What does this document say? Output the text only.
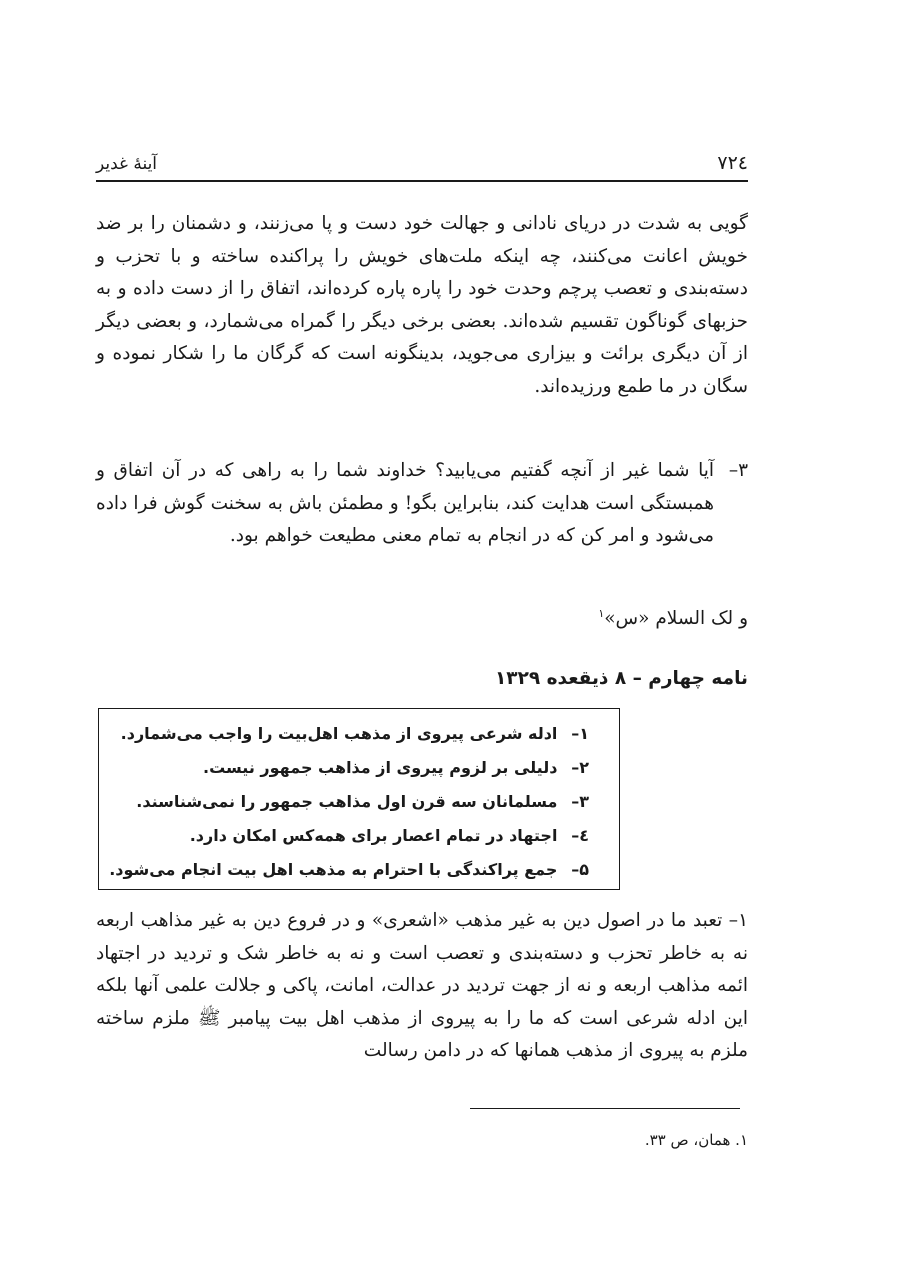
۷۲٤
آینهٔ غدیر
گویی به شدت در دریای نادانی و جهالت خود دست و پا می‌زنند، و دشمنان را بر ضد خویش اعانت می‌کنند، چه اینکه ملت‌های خویش را پراکنده ساخته و با تحزب و دسته‌بندی و تعصب پرچم وحدت خود را پاره پاره کرده‌اند، اتفاق را از دست داده و به حزبهای گوناگون تقسیم شده‌اند. بعضی برخی دیگر را گمراه می‌شمارد، و بعضی دیگر از آن دیگری برائت و بیزاری می‌جوید، بدینگونه است که گرگان ما را شکار نموده و سگان در ما طمع ورزیده‌اند.
۳–
آیا شما غیر از آنچه گفتیم می‌یابید؟ خداوند شما را به راهی که در آن اتفاق و همبستگی است هدایت کند، بنابراین بگو! و مطمئن باش به سخنت گوش فرا داده می‌شود و امر کن که در انجام به تمام معنی مطیعت خواهم بود.
و لک السلام «س»$^۱$
نامه چهارم – ۸ ذیقعده ۱۳۲۹
۱– ادله شرعی پیروی از مذهب اهل‌بیت را واجب می‌شمارد.
۲– دلیلی بر لزوم پیروی از مذاهب جمهور نیست.
۳– مسلمانان سه قرن اول مذاهب جمهور را نمی‌شناسند.
٤– اجتهاد در تمام اعصار برای همه‌کس امکان دارد.
۵– جمع پراکندگی با احترام به مذهب اهل بیت انجام می‌شود.
۱– تعبد ما در اصول دین به غیر مذهب «اشعری» و در فروع دین به غیر مذاهب اربعه نه به خاطر تحزب و دسته‌بندی و تعصب است و نه به خاطر شک و تردید در اجتهاد ائمه مذاهب اربعه و نه از جهت تردید در عدالت، امانت، پاکی و جلالت علمی آنها بلکه این ادله شرعی است که ما را به پیروی از مذهب اهل بیت پیامبر ﷺ ملزم ساخته ملزم به پیروی از مذهب همانها که در دامن رسالت
۱. همان، ص ۳۳.
